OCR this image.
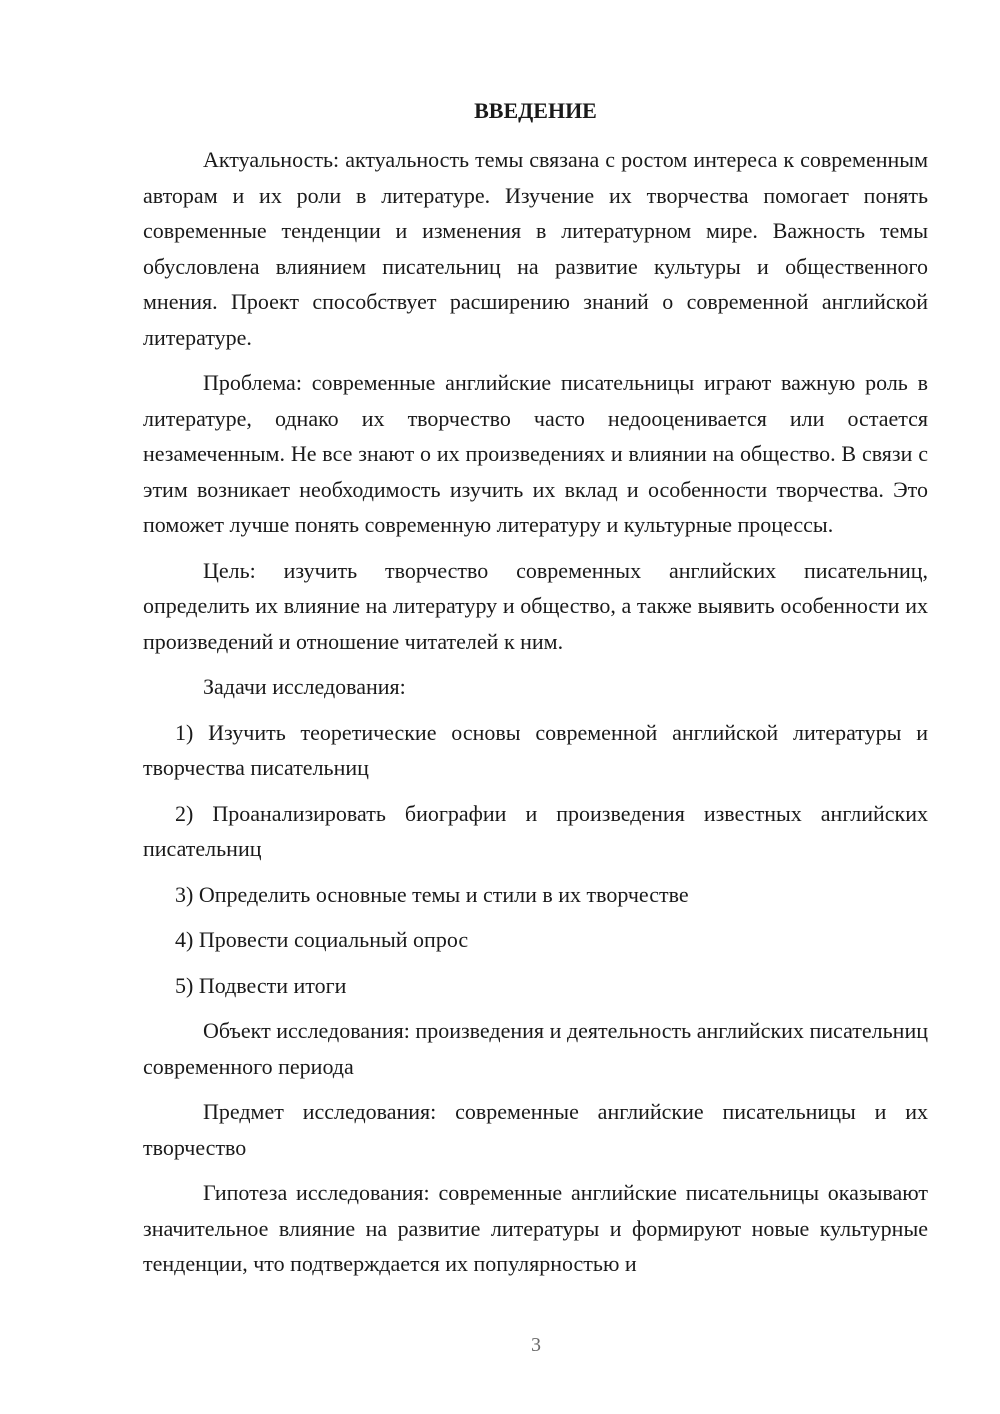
ВВЕДЕНИЕ

Актуальность: актуальность темы связана с ростом интереса к современным авторам и их роли в литературе. Изучение их творчества помогает понять современные тенденции и изменения в литературном мире. Важность темы обусловлена влиянием писательниц на развитие культуры и общественного мнения. Проект способствует расширению знаний о современной английской литературе.

Проблема: современные английские писательницы играют важную роль в литературе, однако их творчество часто недооценивается или остается незамеченным. Не все знают о их произведениях и влиянии на общество. В связи с этим возникает необходимость изучить их вклад и особенности творчества. Это поможет лучше понять современную литературу и культурные процессы.

Цель: изучить творчество современных английских писательниц, определить их влияние на литературу и общество, а также выявить особенности их произведений и отношение читателей к ним.

Задачи исследования:

1) Изучить теоретические основы современной английской литературы и творчества писательниц

2) Проанализировать биографии и произведения известных английских писательниц

3) Определить основные темы и стили в их творчестве

4) Провести социальный опрос

5) Подвести итоги

Объект исследования: произведения и деятельность английских писательниц современного периода

Предмет исследования: современные английские писательницы и их творчество

Гипотеза исследования: современные английские писательницы оказывают значительное влияние на развитие литературы и формируют новые культурные тенденции, что подтверждается их популярностью и

3
